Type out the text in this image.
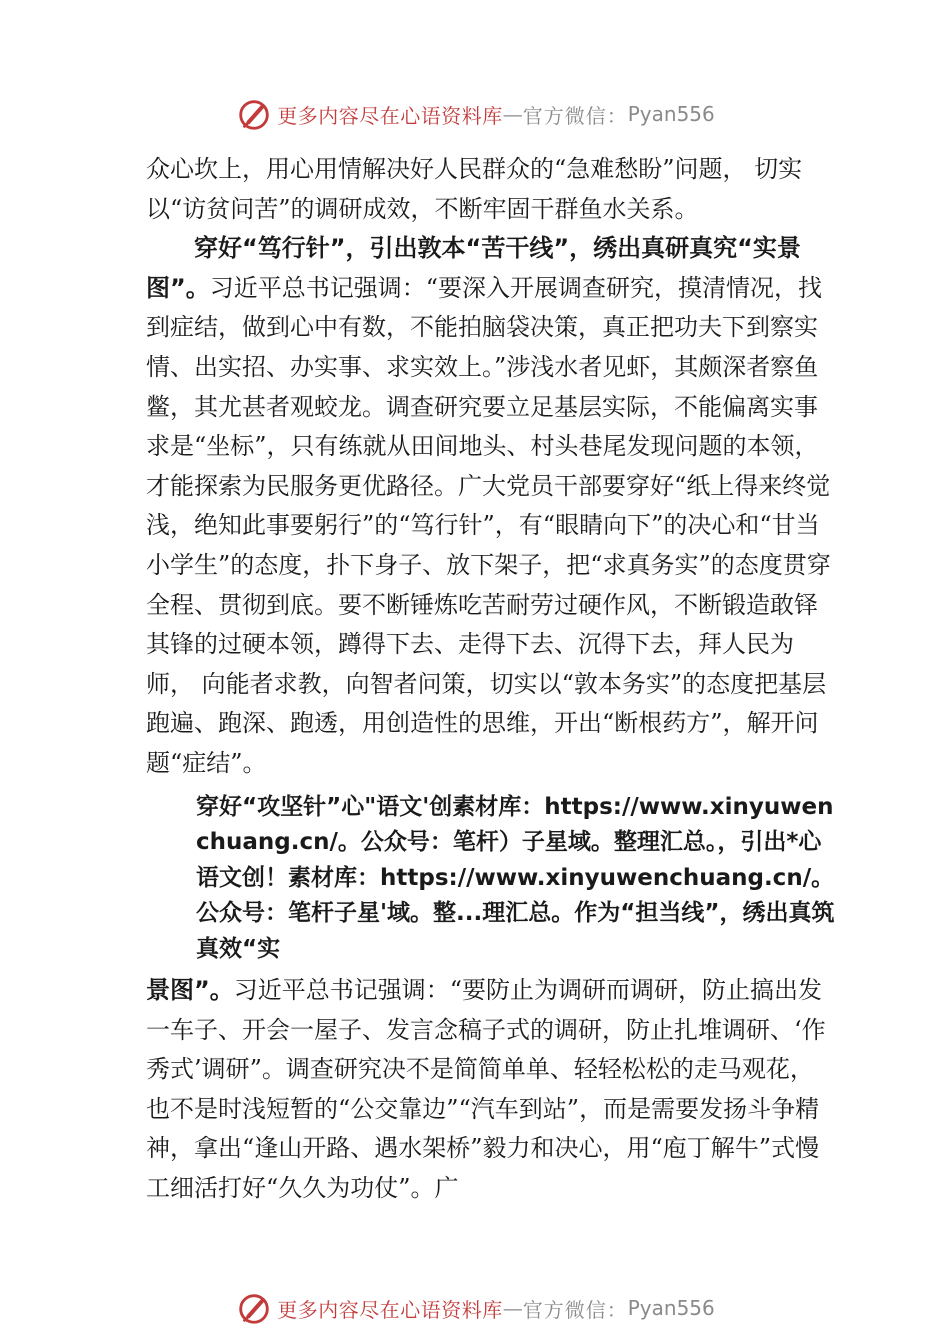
更多内容尽在心语资料库 — 官方微信： Pyan556

众心坎上，用心用情解决好人民群众的“急难愁盼”问题， 切实以“访贫问苦”的调研成效，不断牢固干群鱼水关系。

穿好“笃行针”，引出敦本“苦干线”，绣出真研真究“实景图”。习近平总书记强调：“要深入开展调查研究，摸清情况，找到症结，做到心中有数，不能拍脑袋决策，真正把功夫下到察实情、出实招、办实事、求实效上。”涉浅水者见虾，其颇深者察鱼鳖，其尤甚者观蛟龙。调查研究要立足基层实际，不能偏离实事求是“坐标”，只有练就从田间地头、村头巷尾发现问题的本领，才能探索为民服务更优路径。广大党员干部要穿好“纸上得来终觉浅，绝知此事要躬行”的“笃行针”，有“眼睛向下”的决心和“甘当小学生”的态度，扑下身子、放下架子，把“求真务实”的态度贯穿全程、贯彻到底。要不断锤炼吃苦耐劳过硬作风，不断锻造敢铎其锋的过硬本领，蹲得下去、走得下去、沉得下去，拜人民为师， 向能者求教，向智者问策，切实以“敦本务实”的态度把基层跑遍、跑深、跑透，用创造性的思维，开出“断根药方”，解开问题“症结”。

穿好“攻坚针”心"语文'创素材库：https://www.xinyuwenchuang.cn/。公众号：笔杆）子星域。整理汇总。，引出*心语文创！素材库：https://www.xinyuwenchuang.cn/。公众号：笔杆子星'域。整...理汇总。作为“担当线”，绣出真筑真效“实

景图”。习近平总书记强调：“要防止为调研而调研，防止搞出发一车子、开会一屋子、发言念稿子式的调研，防止扎堆调研、‘作秀式’调研”。调查研究决不是简简单单、轻轻松松的走马观花，也不是时浅短暂的“公交靠边”“汽车到站”，而是需要发扬斗争精神，拿出“逢山开路、遇水架桥”毅力和决心，用“庖丁解牛”式慢工细活打好“久久为功仗”。广

更多内容尽在心语资料库 — 官方微信： Pyan556
